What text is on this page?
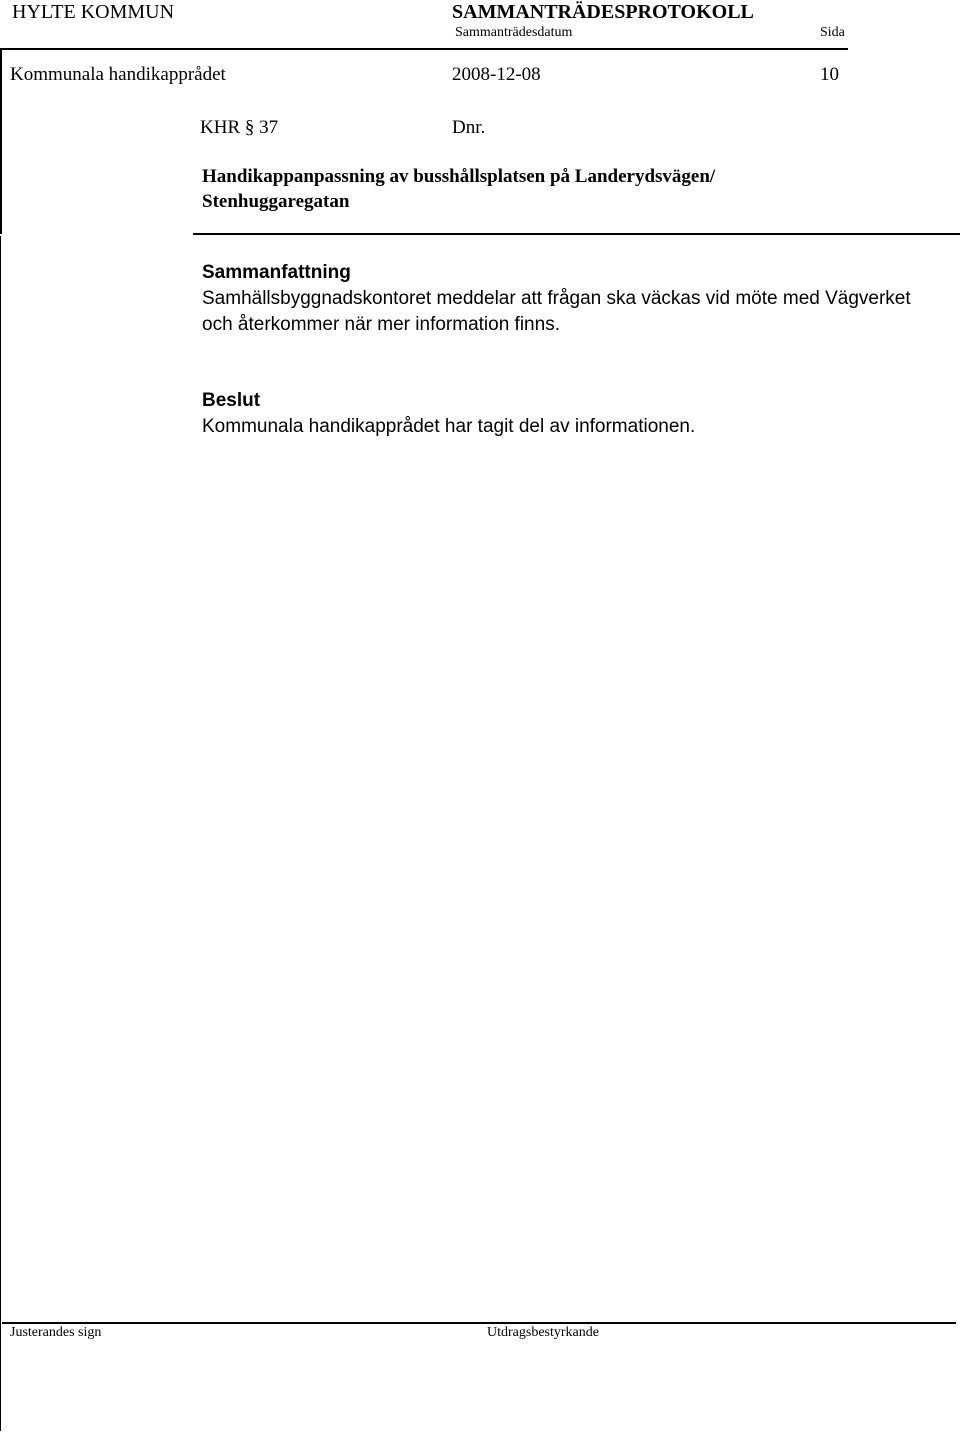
HYLTE KOMMUN	SAMMANTRÄDESPROTOKOLL
Sammanträdesdatum	Sida
Kommunala handikapprådet	2008-12-08	10
KHR § 37	Dnr.
Handikappanpassning av busshållsplatsen på Landerydsvägen/
Stenhuggaregatan
Sammanfattning
Samhällsbyggnadskontoret meddelar att frågan ska väckas vid möte med Vägverket
och återkommer när mer information finns.
Beslut
Kommunala handikapprådet har tagit del av informationen.
Justerandes sign	Utdragsbestyrkande
